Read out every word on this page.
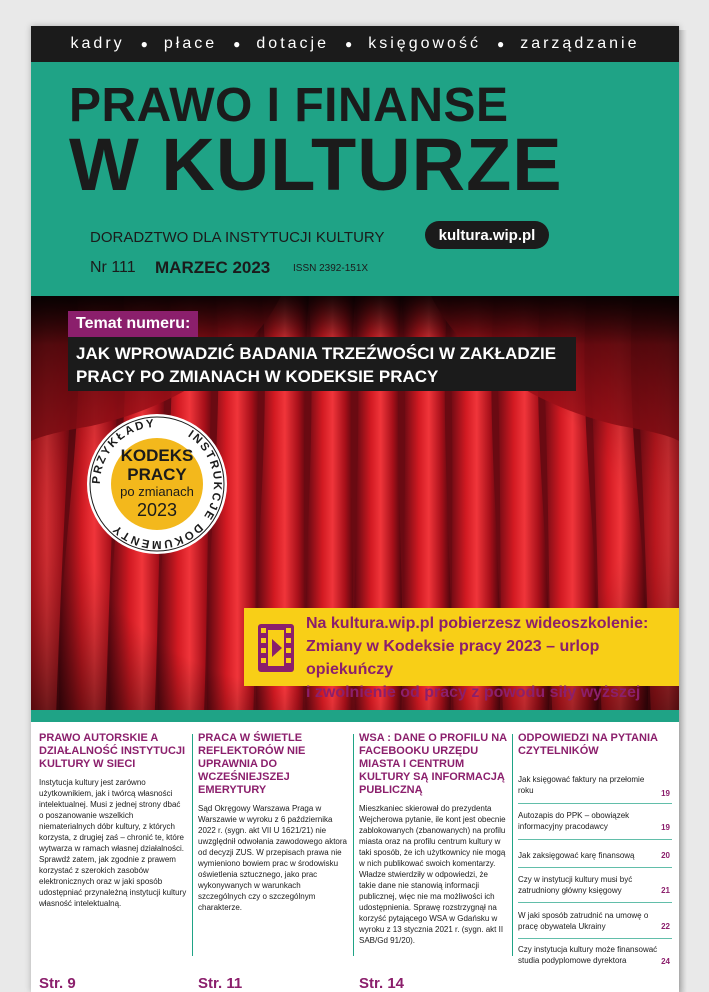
kadry ● płace ● dotacje ● księgowość ● zarządzanie
PRAWO I FINANSE
W KULTURZE
DORADZTWO DLA INSTYTUCJI KULTURY	kultura.wip.pl
Nr 111 MARZEC 2023 ISSN 2392-151X
Temat numeru:
JAK WPROWADZIĆ BADANIA TRZEŹWOŚCI W ZAKŁADZIE PRACY PO ZMIANACH W KODEKSIE PRACY
PRZYKŁADY
INSTRUKCJE
DOKUMENTY
KODEKS
PRACY
po zmianach
2023
Na kultura.wip.pl pobierzesz wideoszkolenie:
Zmiany w Kodeksie pracy 2023 – urlop opiekuńczy
i zwolnienie od pracy z powodu siły wyższej
PRAWO AUTORSKIE A DZIAŁALNOŚĆ INSTYTUCJI KULTURY W SIECI
Instytucja kultury jest zarówno użytkownikiem, jak i twórcą własności intelektualnej. Musi z jednej strony dbać o poszanowanie wszelkich niematerialnych dóbr kultury, z których korzysta, z drugiej zaś – chronić te, które wytwarza w ramach własnej działalności. Sprawdź zatem, jak zgodnie z prawem korzystać z szerokich zasobów elektronicznych oraz w jaki sposób udostępniać przynależną instytucji kultury własność intelektualną.
Str. 9
PRACA W ŚWIETLE REFLEKTORÓW NIE UPRAWNIA DO WCZEŚNIEJSZEJ EMERYTURY
Sąd Okręgowy Warszawa Praga w Warszawie w wyroku z 6 października 2022 r. (sygn. akt VII U 1621/21) nie uwzględnił odwołania zawodowego aktora od decyzji ZUS. W przepisach prawa nie wymieniono bowiem prac w środowisku oświetlenia sztucznego, jako prac wykonywanych w warunkach szczególnych czy o szczególnym charakterze.
Str. 11
WSA : DANE O PROFILU NA FACEBOOKU URZĘDU MIASTA I CENTRUM KULTURY SĄ INFORMACJĄ PUBLICZNĄ
Mieszkaniec skierował do prezydenta Wejcherowa pytanie, ile kont jest obecnie zablokowanych (zbanowanych) na profilu miasta oraz na profilu centrum kultury w taki sposób, że ich użytkownicy nie mogą w nich publikować swoich komentarzy. Władze stwierdziły w odpowiedzi, że takie dane nie stanowią informacji publicznej, więc nie ma możliwości ich udostępnienia. Sprawę rozstrzygnął na korzyść pytającego WSA w Gdańsku w wyroku z 13 stycznia 2021 r. (sygn. akt II SAB/Gd 91/20).
Str. 14
ODPOWIEDZI NA PYTANIA CZYTELNIKÓW
Jak księgować faktury na przełomie roku	19
Autozapis do PPK – obowiązek informacyjny pracodawcy	19
Jak zaksięgować karę finansową	20
Czy w instytucji kultury musi być zatrudniony główny księgowy	21
W jaki sposób zatrudnić na umowę o pracę obywatela Ukrainy	22
Czy instytucja kultury może finansować studia podyplomowe dyrektora	24
